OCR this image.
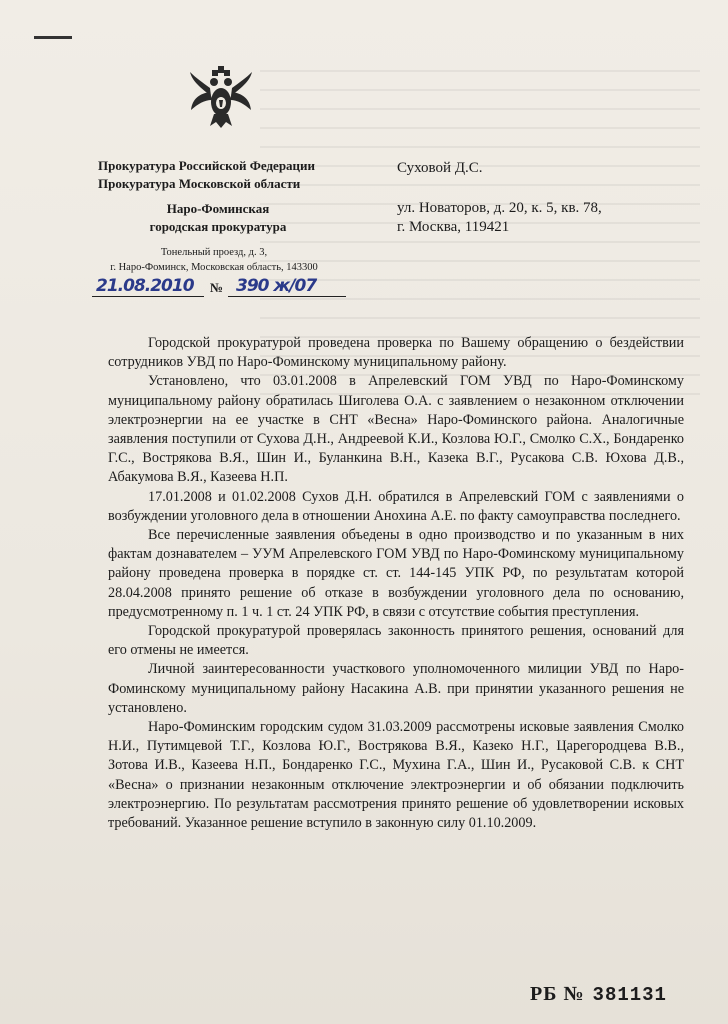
Прокуратура Российской Федерации
Прокуратура Московской области
Наро-Фоминская
городская прокуратура
Тонельный проезд, д. 3,
г. Наро-Фоминск, Московская область, 143300
21.08.2010 № 390 ж/07
Суховой Д.С.
ул. Новаторов, д. 20, к. 5, кв. 78,
г. Москва, 119421

Городской прокуратурой проведена проверка по Вашему обращению о бездействии сотрудников УВД по Наро-Фоминскому муниципальному району.

Установлено, что 03.01.2008 в Апрелевский ГОМ УВД по Наро-Фоминскому муниципальному району обратилась Шиголева О.А. с заявлением о незаконном отключении электроэнергии на ее участке в СНТ «Весна» Наро-Фоминского района. Аналогичные заявления поступили от Сухова Д.Н., Андреевой К.И., Козлова Ю.Г., Смолко С.Х., Бондаренко Г.С., Вострякова В.Я., Шин И., Буланкина В.Н., Казека В.Г., Русакова С.В. Юхова Д.В., Абакумова В.Я., Казеева Н.П.

17.01.2008 и 01.02.2008 Сухов Д.Н. обратился в Апрелевский ГОМ с заявлениями о возбуждении уголовного дела в отношении Анохина А.Е. по факту самоуправства последнего.

Все перечисленные заявления объедены в одно производство и по указанным в них фактам дознавателем – УУМ Апрелевского ГОМ УВД по Наро-Фоминскому муниципальному району проведена проверка в порядке ст. ст. 144-145 УПК РФ, по результатам которой 28.04.2008 принято решение об отказе в возбуждении уголовного дела по основанию, предусмотренному п. 1 ч. 1 ст. 24 УПК РФ, в связи с отсутствие события преступления.

Городской прокуратурой проверялась законность принятого решения, оснований для его отмены не имеется.

Личной заинтересованности участкового уполномоченного милиции УВД по Наро-Фоминскому муниципальному району Насакина А.В. при принятии указанного решения не установлено.

Наро-Фоминским городским судом 31.03.2009 рассмотрены исковые заявления Смолко Н.И., Путимцевой Т.Г., Козлова Ю.Г., Вострякова В.Я., Казеко Н.Г., Царегородцева В.В., Зотова И.В., Казеева Н.П., Бондаренко Г.С., Мухина Г.А., Шин И., Русаковой С.В. к СНТ «Весна» о признании незаконным отключение электроэнергии и об обязании подключить электроэнергию. По результатам рассмотрения принято решение об удовлетворении исковых требований. Указанное решение вступило в законную силу 01.10.2009.

РБ № 381131
